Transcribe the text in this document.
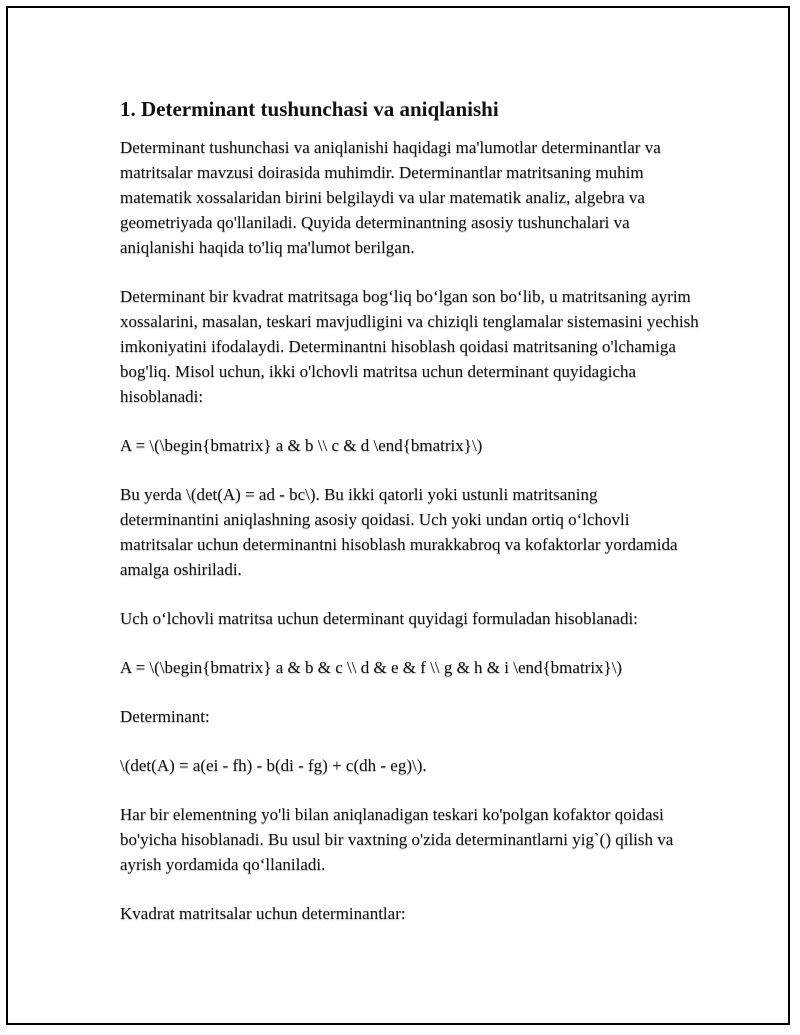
1. Determinant tushunchasi va aniqlanishi

Determinant tushunchasi va aniqlanishi haqidagi ma'lumotlar determinantlar va matritsalar mavzusi doirasida muhimdir. Determinantlar matritsaning muhim matematik xossalaridan birini belgilaydi va ular matematik analiz, algebra va geometriyada qo'llaniladi. Quyida determinantning asosiy tushunchalari va aniqlanishi haqida to'liq ma'lumot berilgan.

Determinant bir kvadrat matritsaga bog‘liq bo‘lgan son bo‘lib, u matritsaning ayrim xossalarini, masalan, teskari mavjudligini va chiziqli tenglamalar sistemasini yechish imkoniyatini ifodalaydi. Determinantni hisoblash qoidasi matritsaning o'lchamiga bog'liq. Misol uchun, ikki o'lchovli matritsa uchun determinant quyidagicha hisoblanadi:

A = \(\begin{bmatrix} a & b \\ c & d \end{bmatrix}\)

Bu yerda \(det(A) = ad - bc\). Bu ikki qatorli yoki ustunli matritsaning determinantini aniqlashning asosiy qoidasi. Uch yoki undan ortiq o‘lchovli matritsalar uchun determinantni hisoblash murakkabroq va kofaktorlar yordamida amalga oshiriladi.

Uch o‘lchovli matritsa uchun determinant quyidagi formuladan hisoblanadi:

A = \(\begin{bmatrix} a & b & c \\ d & e & f \\ g & h & i \end{bmatrix}\)

Determinant:

\(det(A) = a(ei - fh) - b(di - fg) + c(dh - eg)\).

Har bir elementning yo'li bilan aniqlanadigan teskari ko'polgan kofaktor qoidasi bo'yicha hisoblanadi. Bu usul bir vaxtning o'zida determinantlarni yig`() qilish va ayrish yordamida qo‘llaniladi.

Kvadrat matritsalar uchun determinantlar:
